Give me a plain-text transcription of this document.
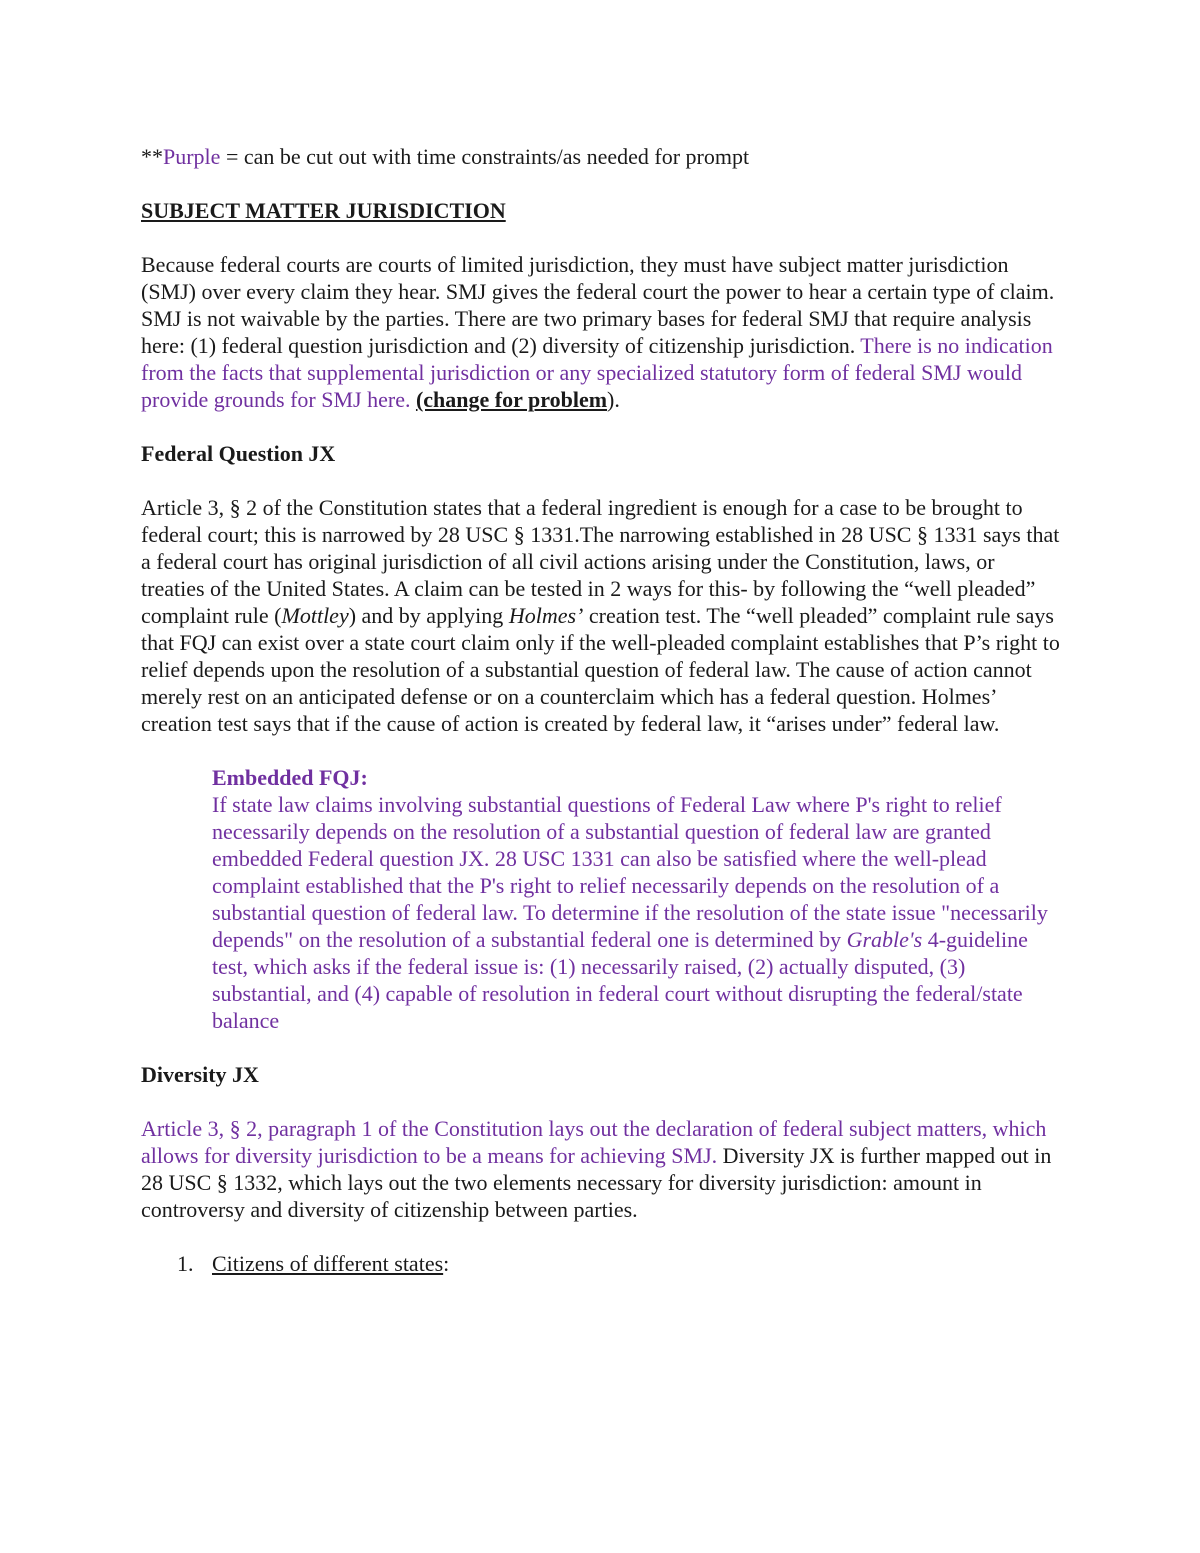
**Purple = can be cut out with time constraints/as needed for prompt

SUBJECT MATTER JURISDICTION

Because federal courts are courts of limited jurisdiction, they must have subject matter jurisdiction (SMJ) over every claim they hear. SMJ gives the federal court the power to hear a certain type of claim. SMJ is not waivable by the parties. There are two primary bases for federal SMJ that require analysis here: (1) federal question jurisdiction and (2) diversity of citizenship jurisdiction. There is no indication from the facts that supplemental jurisdiction or any specialized statutory form of federal SMJ would provide grounds for SMJ here. (change for problem).

Federal Question JX

Article 3, § 2 of the Constitution states that a federal ingredient is enough for a case to be brought to federal court; this is narrowed by 28 USC § 1331.The narrowing established in 28 USC § 1331 says that a federal court has original jurisdiction of all civil actions arising under the Constitution, laws, or treaties of the United States. A claim can be tested in 2 ways for this- by following the “well pleaded” complaint rule (Mottley) and by applying Holmes’ creation test. The “well pleaded” complaint rule says that FQJ can exist over a state court claim only if the well-pleaded complaint establishes that P’s right to relief depends upon the resolution of a substantial question of federal law. The cause of action cannot merely rest on an anticipated defense or on a counterclaim which has a federal question. Holmes’ creation test says that if the cause of action is created by federal law, it “arises under” federal law.

Embedded FQJ:

If state law claims involving substantial questions of Federal Law where P's right to relief necessarily depends on the resolution of a substantial question of federal law are granted embedded Federal question JX. 28 USC 1331 can also be satisfied where the well-plead complaint established that the P's right to relief necessarily depends on the resolution of a substantial question of federal law. To determine if the resolution of the state issue "necessarily depends" on the resolution of a substantial federal one is determined by Grable's 4-guideline test, which asks if the federal issue is: (1) necessarily raised, (2) actually disputed, (3) substantial, and (4) capable of resolution in federal court without disrupting the federal/state balance

Diversity JX

Article 3, § 2, paragraph 1 of the Constitution lays out the declaration of federal subject matters, which allows for diversity jurisdiction to be a means for achieving SMJ. Diversity JX is further mapped out in 28 USC § 1332, which lays out the two elements necessary for diversity jurisdiction: amount in controversy and diversity of citizenship between parties.

1. Citizens of different states:
